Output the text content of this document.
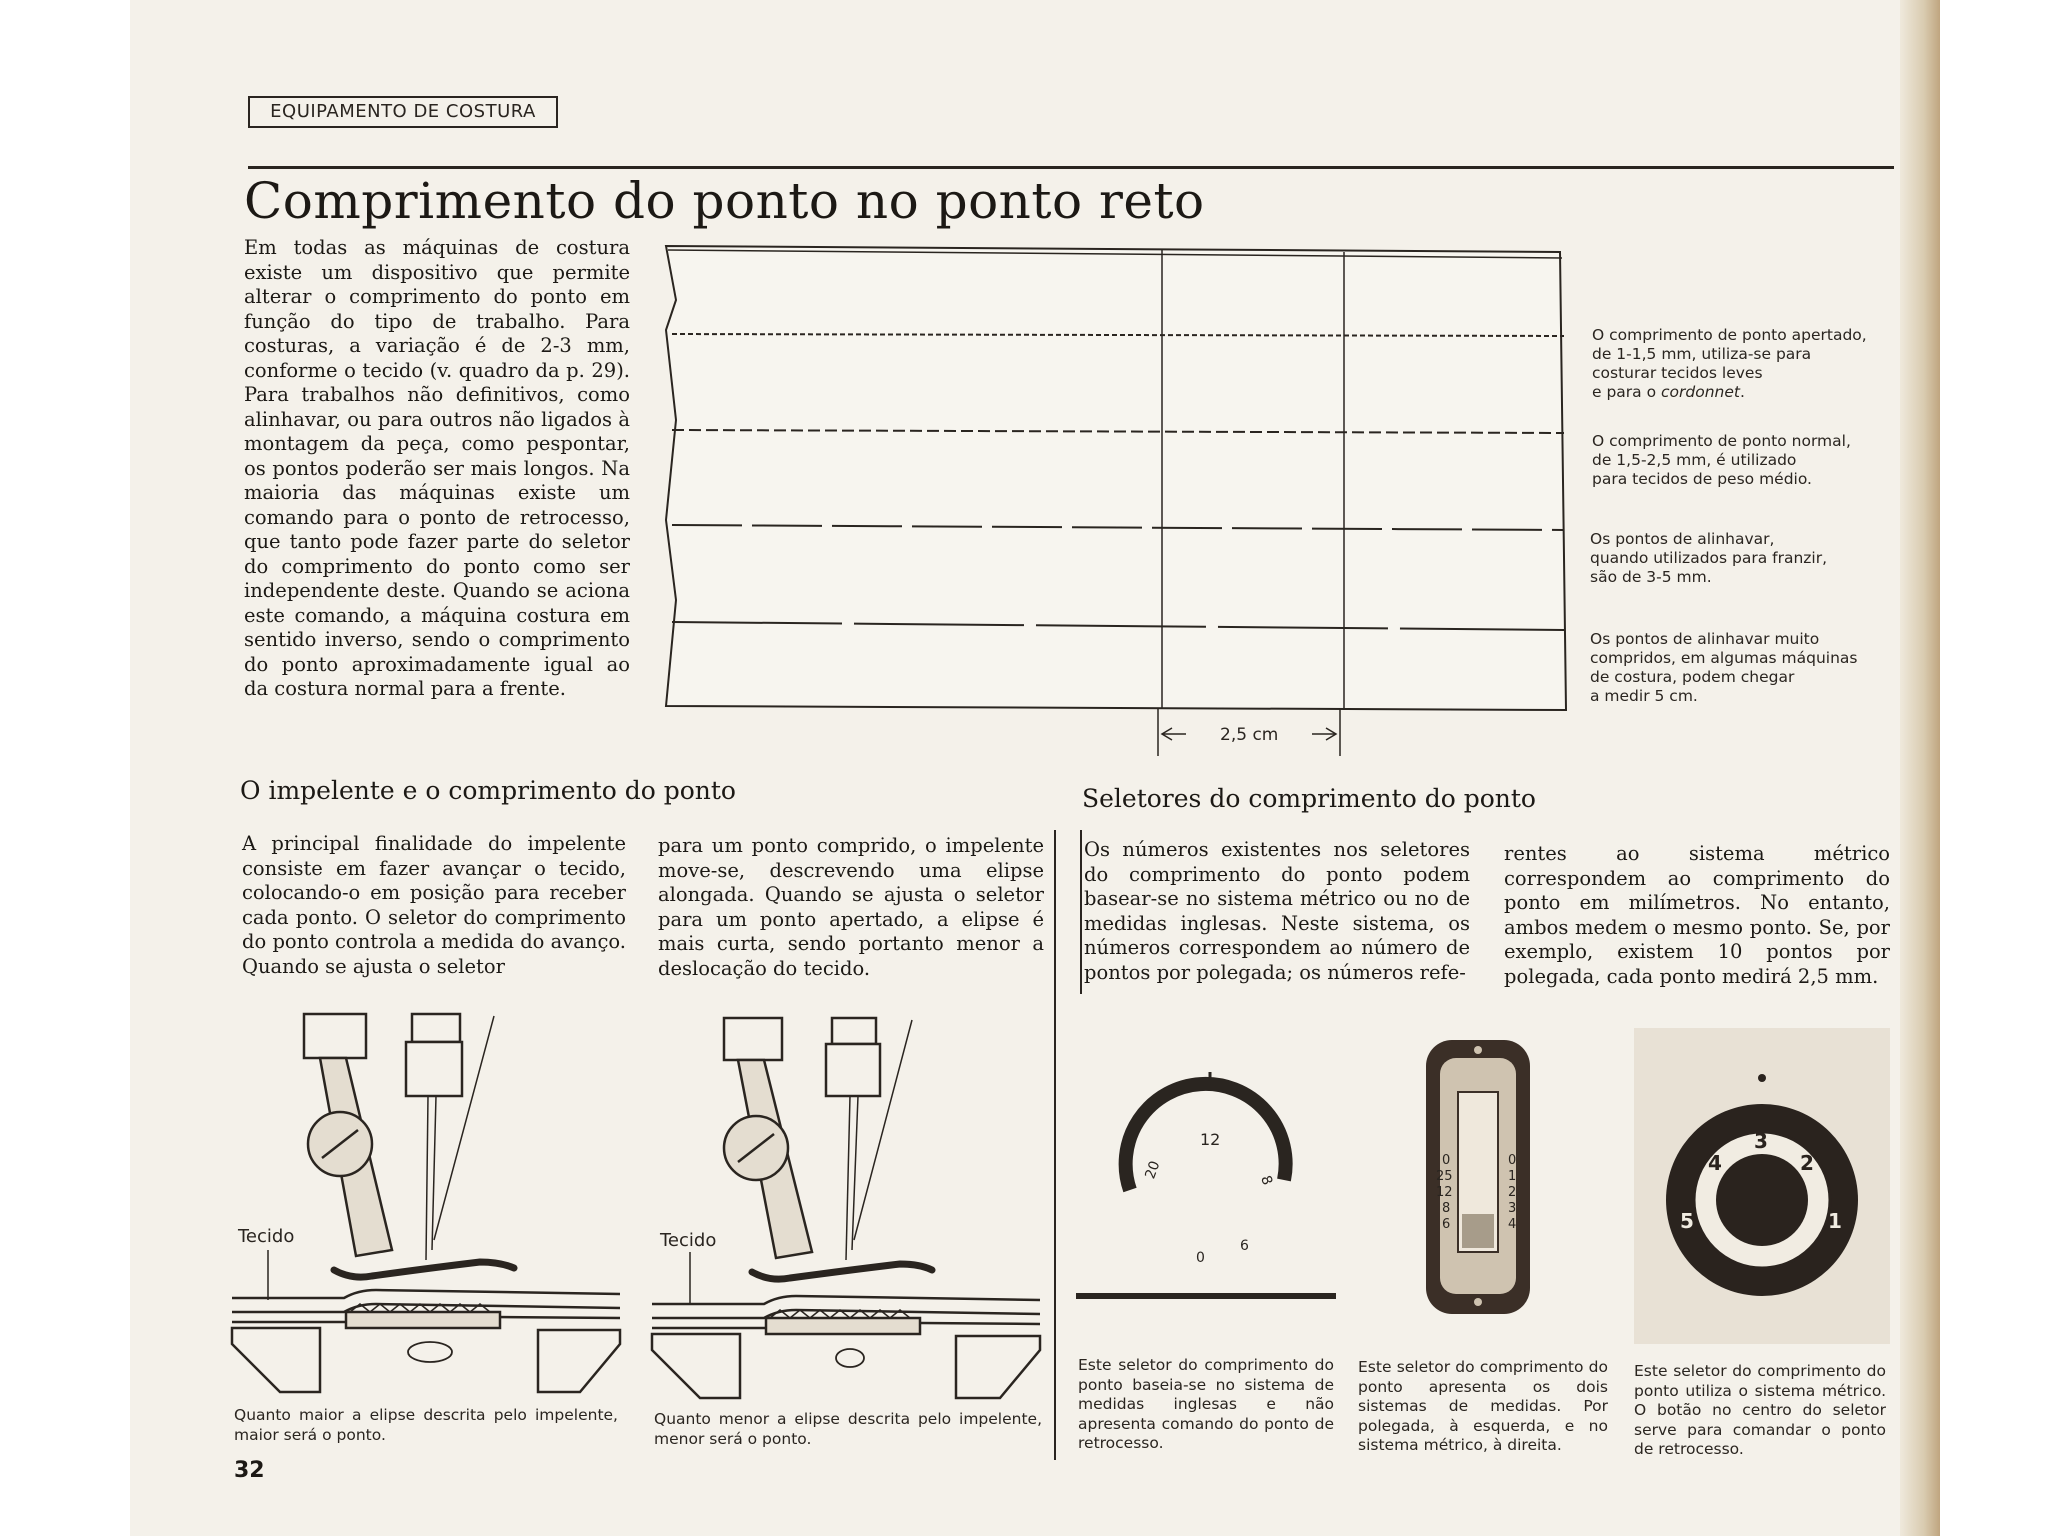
EQUIPAMENTO DE COSTURA
Comprimento do ponto no ponto reto
Em todas as máquinas de costura existe um dispositivo que permite alterar o comprimento do ponto em função do tipo de trabalho. Para costuras, a variação é de 2-3 mm, conforme o tecido (v. quadro da p. 29). Para trabalhos não definitivos, como alinhavar, ou para outros não ligados à montagem da peça, como pespontar, os pontos poderão ser mais longos. Na maioria das máquinas existe um comando para o ponto de retrocesso, que tanto pode fazer parte do seletor do comprimento do ponto como ser independente deste. Quando se aciona este comando, a máquina costura em sentido inverso, sendo o comprimento do ponto aproximadamente igual ao da costura normal para a frente.
12
20	8
6
0
0
25
12
8
6
0
1
2
3
4
3
4	2
5	1
0
2,5 cm
Tecido	Tecido
O comprimento de ponto apertado,
de 1-1,5 mm, utiliza-se para
costurar tecidos leves
e para o cordonnet.
O comprimento de ponto normal,
de 1,5-2,5 mm, é utilizado
para tecidos de peso médio.
Os pontos de alinhavar,
quando utilizados para franzir,
são de 3-5 mm.
Os pontos de alinhavar muito
compridos, em algumas máquinas
de costura, podem chegar
a medir 5 cm.
O impelente e o comprimento do ponto
A principal finalidade do impelente consiste em fazer avançar o tecido, colocando-o em posição para receber cada ponto. O seletor do comprimento do ponto controla a medida do avanço. Quando se ajusta o seletor
para um ponto comprido, o impelente move-se, descrevendo uma elipse alongada. Quando se ajusta o seletor para um ponto apertado, a elipse é mais curta, sendo portanto menor a deslocação do tecido.
Quanto maior a elipse descrita pelo impelente, maior será o ponto.
Quanto menor a elipse descrita pelo impelente, menor será o ponto.
Seletores do comprimento do ponto
Os números existentes nos seletores do comprimento do ponto podem basear-se no sistema métrico ou no de medidas inglesas. Neste sistema, os números correspondem ao número de pontos por polegada; os números refe-
rentes ao sistema métrico correspondem ao comprimento do ponto em milímetros. No entanto, ambos medem o mesmo ponto. Se, por exemplo, existem 10 pontos por polegada, cada ponto medirá 2,5 mm.
Este seletor do comprimento do ponto baseia-se no sistema de medidas inglesas e não apresenta comando do ponto de retrocesso.
Este seletor do comprimento do ponto apresenta os dois sistemas de medidas. Por polegada, à esquerda, e no sistema métrico, à direita.
Este seletor do comprimento do ponto utiliza o sistema métrico. O botão no centro do seletor serve para comandar o ponto de retrocesso.
32
